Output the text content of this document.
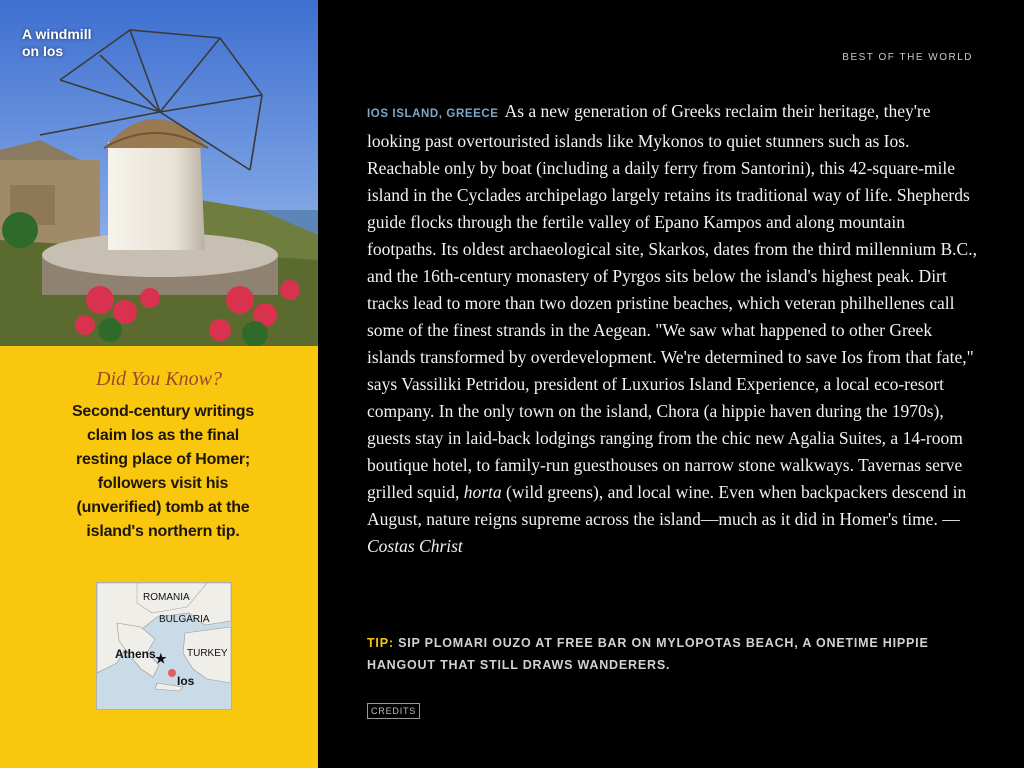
A windmill
on Ios
Did You Know?
Second-century writings claim Ios as the final resting place of Homer; followers visit his (unverified) tomb at the island's northern tip.
ROMANIA
BULGARIA
TURKEY
Athens ★
Ios
BEST OF THE WORLD
IOS ISLAND, GREECE As a new generation of Greeks reclaim their heritage, they're looking past overtouristed islands like Mykonos to quiet stunners such as Ios. Reachable only by boat (including a daily ferry from Santorini), this 42-square-mile island in the Cyclades archipelago largely retains its traditional way of life. Shepherds guide flocks through the fertile valley of Epano Kampos and along mountain footpaths. Its oldest archaeological site, Skarkos, dates from the third millennium B.C., and the 16th-century monastery of Pyrgos sits below the island's highest peak. Dirt tracks lead to more than two dozen pristine beaches, which veteran philhellenes call some of the finest strands in the Aegean. "We saw what happened to other Greek islands transformed by overdevelopment. We're determined to save Ios from that fate," says Vassiliki Petridou, president of Luxurios Island Experience, a local eco-resort company. In the only town on the island, Chora (a hippie haven during the 1970s), guests stay in laid-back lodgings ranging from the chic new Agalia Suites, a 14-room boutique hotel, to family-run guesthouses on narrow stone walkways. Tavernas serve grilled squid, horta (wild greens), and local wine. Even when backpackers descend in August, nature reigns supreme across the island—much as it did in Homer's time. —Costas Christ
TIP: SIP PLOMARI OUZO AT FREE BAR ON MYLOPOTAS BEACH, A ONETIME HIPPIE HANGOUT THAT STILL DRAWS WANDERERS.
CREDITS
